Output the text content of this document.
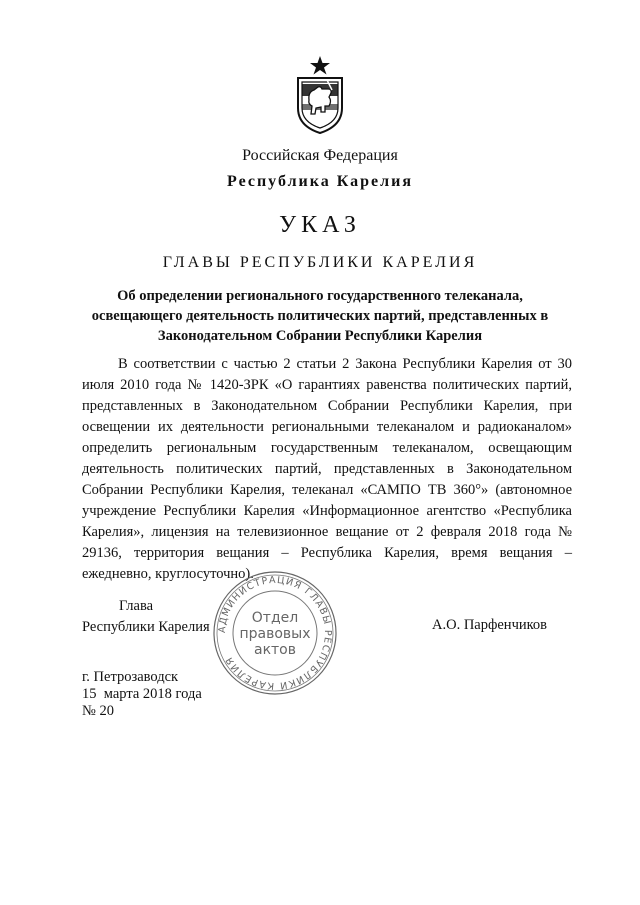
Российская Федерация
Республика Карелия
УКАЗ
ГЛАВЫ РЕСПУБЛИКИ КАРЕЛИЯ
Об определении регионального государственного телеканала, освещающего деятельность политических партий, представленных в Законодательном Собрании Республики Карелия
В соответствии с частью 2 статьи 2 Закона Республики Карелия от 30 июля 2010 года № 1420-ЗРК «О гарантиях равенства политических партий, представленных в Законодательном Собрании Республики Карелия, при освещении их деятельности региональными телеканалом и радиоканалом» определить региональным государственным телеканалом, освещающим деятельность политических партий, представленных в Законодательном Собрании Республики Карелия, телеканал «САМПО ТВ 360°» (автономное учреждение Республики Карелия «Информационное агентство «Республика Карелия», лицензия на телевизионное вещание от 2 февраля 2018 года № 29136, территория вещания – Республика Карелия, время вещания – ежедневно, круглосуточно).
Глава
Республики Карелия	А.О. Парфенчиков
АДМИНИСТРАЦИЯ ГЛАВЫ РЕСПУБЛИКИ КАРЕЛИЯ
Отдел
правовых
актов
г. Петрозаводск
15  марта 2018 года
№ 20
